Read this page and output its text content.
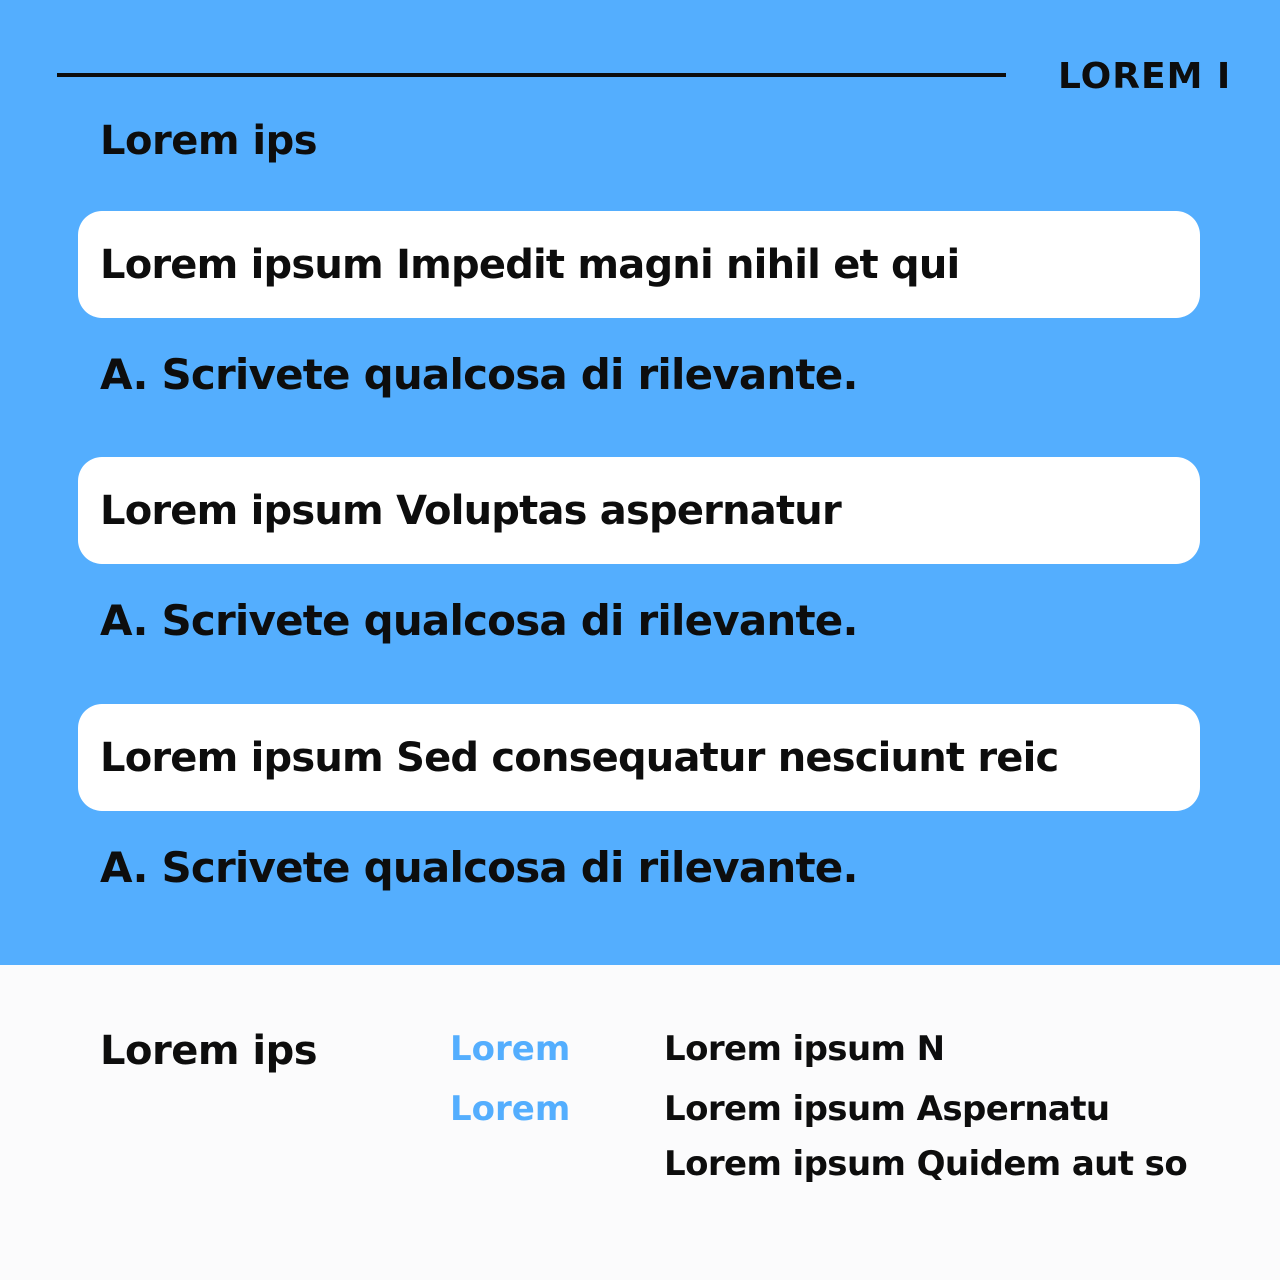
LOREM I
Lorem ips
Lorem ipsum Impedit magni nihil et qui
A. Scrivete qualcosa di rilevante.
Lorem ipsum Voluptas aspernatur
A. Scrivete qualcosa di rilevante.
Lorem ipsum Sed consequatur nesciunt reic
A. Scrivete qualcosa di rilevante.
Lorem ips	Lorem
Lorem
Lorem ipsum N
Lorem ipsum Aspernatu
Lorem ipsum Quidem aut so
